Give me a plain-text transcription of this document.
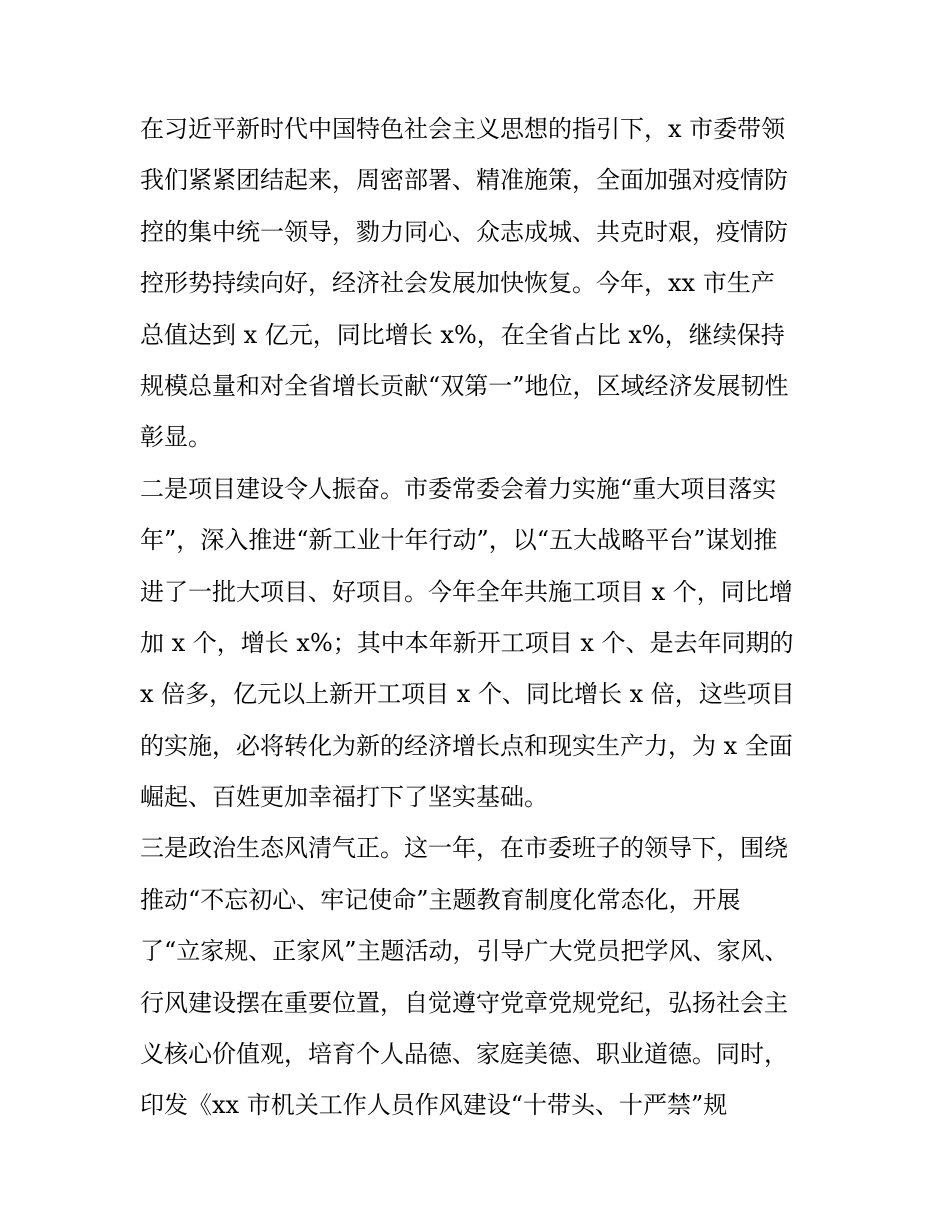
在习近平新时代中国特色社会主义思想的指引下，x 市委带领
我们紧紧团结起来，周密部署、精准施策，全面加强对疫情防
控的集中统一领导，勠力同心、众志成城、共克时艰，疫情防
控形势持续向好，经济社会发展加快恢复。今年，xx 市生产
总值达到 x 亿元，同比增长 x%，在全省占比 x%，继续保持
规模总量和对全省增长贡献“双第一”地位，区域经济发展韧性
彰显。
二是项目建设令人振奋。市委常委会着力实施“重大项目落实
年”，深入推进“新工业十年行动”，以“五大战略平台”谋划推
进了一批大项目、好项目。今年全年共施工项目 x 个，同比增
加 x 个，增长 x%；其中本年新开工项目 x 个、是去年同期的
x 倍多，亿元以上新开工项目 x 个、同比增长 x 倍，这些项目
的实施，必将转化为新的经济增长点和现实生产力，为 x 全面
崛起、百姓更加幸福打下了坚实基础。
三是政治生态风清气正。这一年，在市委班子的领导下，围绕
推动“不忘初心、牢记使命”主题教育制度化常态化，开展
了“立家规、正家风”主题活动，引导广大党员把学风、家风、
行风建设摆在重要位置，自觉遵守党章党规党纪，弘扬社会主
义核心价值观，培育个人品德、家庭美德、职业道德。同时，
印发《xx 市机关工作人员作风建设“十带头、十严禁”规
